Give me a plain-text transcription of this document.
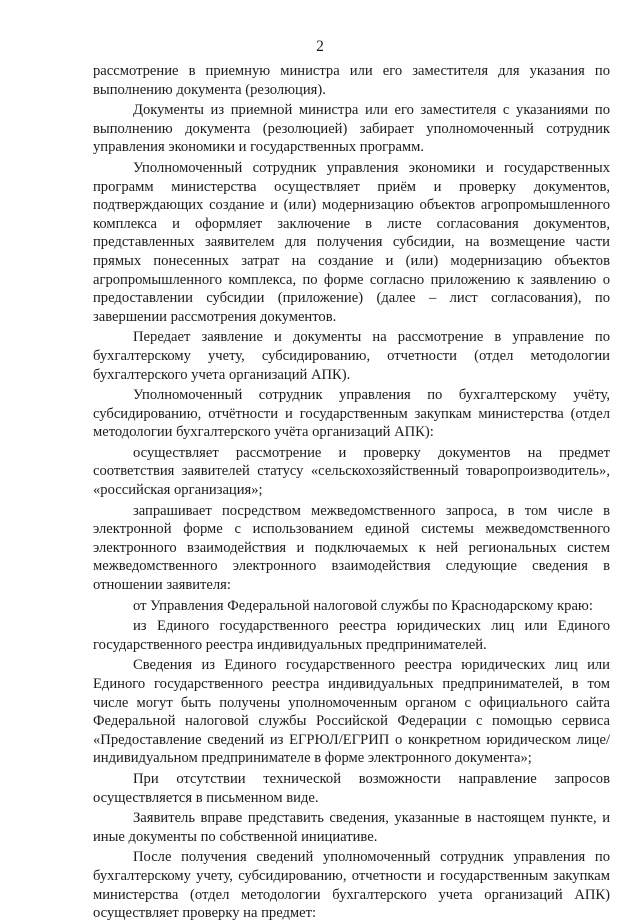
2

рассмотрение в приемную министра или его заместителя для указания по выполнению документа (резолюция).

Документы из приемной министра или его заместителя с указаниями по выполнению документа (резолюцией) забирает уполномоченный сотрудник управления экономики и государственных программ.

Уполномоченный сотрудник управления экономики и государственных программ министерства осуществляет приём и проверку документов, подтверждающих создание и (или) модернизацию объектов агропромышленного комплекса и оформляет заключение в листе согласования документов, представленных заявителем для получения субсидии, на возмещение части прямых понесенных затрат на создание и (или) модернизацию объектов агропромышленного комплекса, по форме согласно приложению к заявлению о предоставлении субсидии (приложение) (далее – лист согласования), по завершении рассмотрения документов.

Передает заявление и документы на рассмотрение в управление по бухгалтерскому учету, субсидированию, отчетности (отдел методологии бухгалтерского учета организаций АПК).

Уполномоченный сотрудник управления по бухгалтерскому учёту, субсидированию, отчётности и государственным закупкам министерства (отдел методологии бухгалтерского учёта организаций АПК):

осуществляет рассмотрение и проверку документов на предмет соответствия заявителей статусу «сельскохозяйственный товаропроизводитель», «российская организация»;

запрашивает посредством межведомственного запроса, в том числе в электронной форме с использованием единой системы межведомственного электронного взаимодействия и подключаемых к ней региональных систем межведомственного электронного взаимодействия следующие сведения в отношении заявителя:

от Управления Федеральной налоговой службы по Краснодарскому краю:

из Единого государственного реестра юридических лиц или Единого государственного реестра индивидуальных предпринимателей.

Сведения из Единого государственного реестра юридических лиц или Единого государственного реестра индивидуальных предпринимателей, в том числе могут быть получены уполномоченным органом с официального сайта Федеральной налоговой службы Российской Федерации с помощью сервиса «Предоставление сведений из ЕГРЮЛ/ЕГРИП о конкретном юридическом лице/индивидуальном предпринимателе в форме электронного документа»;

При отсутствии технической возможности направление запросов осуществляется в письменном виде.

Заявитель вправе представить сведения, указанные в настоящем пункте, и иные документы по собственной инициативе.

После получения сведений уполномоченный сотрудник управления по бухгалтерскому учету, субсидированию, отчетности и государственным закупкам министерства (отдел методологии бухгалтерского учета организаций АПК) осуществляет проверку на предмет:
